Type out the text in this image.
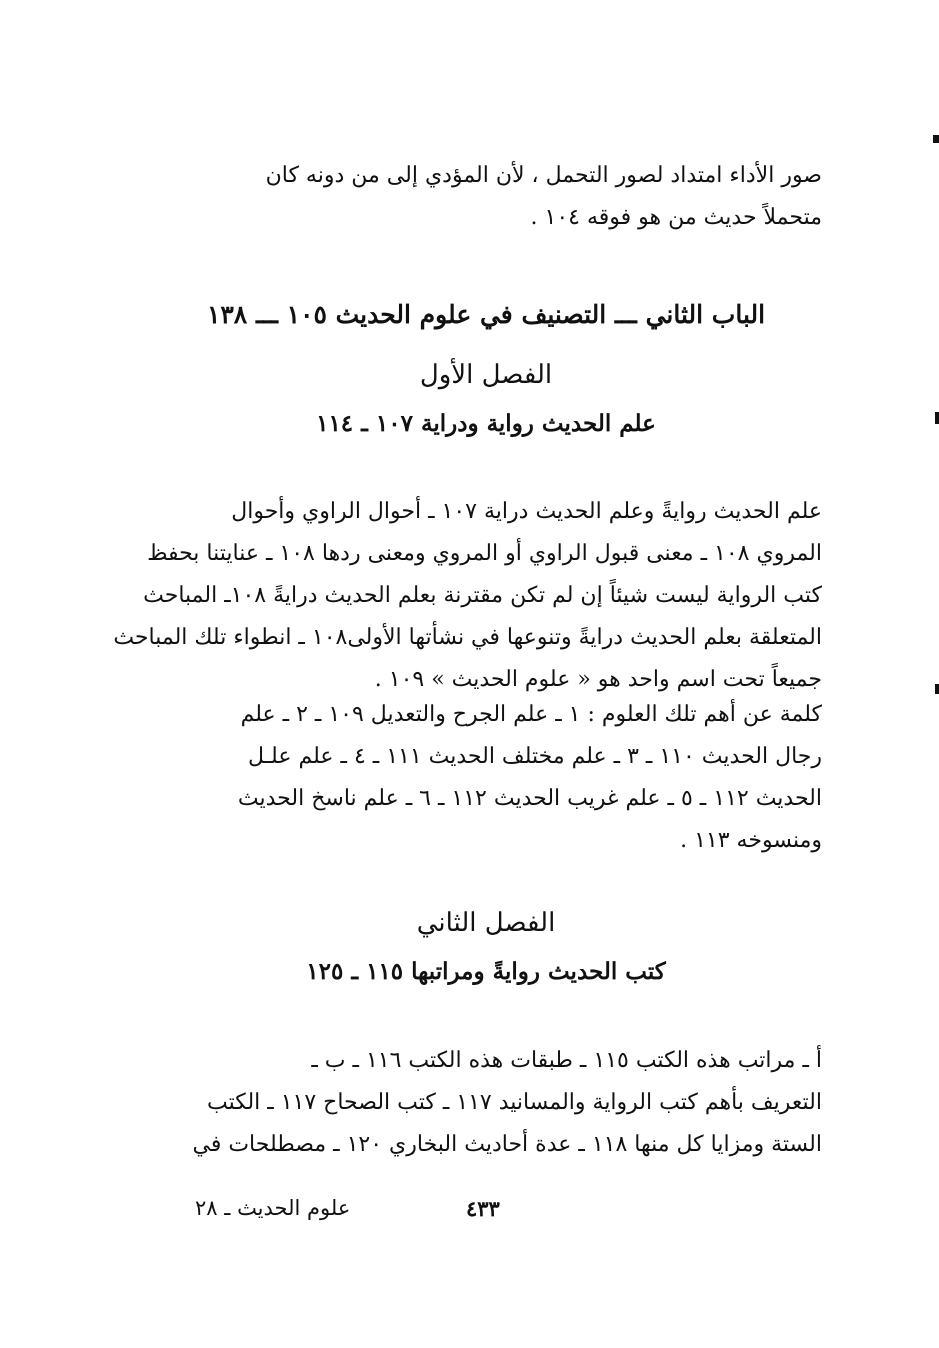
صور الأداء امتداد لصور التحمل ، لأن المؤدي إلى من دونه كان
متحملاً حديث من هو فوقه ١٠٤ .
الباب الثاني ـــ التصنيف في علوم الحديث ١٠٥ ـــ ١٣٨
الفصل الأول
علم الحديث رواية ودراية ١٠٧ ـ ١١٤
علم الحديث روايةً وعلم الحديث دراية ١٠٧ ـ أحوال الراوي وأحوال
المروي ١٠٨ ـ معنى قبول الراوي أو المروي ومعنى ردها ١٠٨ ـ عنايتنا بحفظ
كتب الرواية ليست شيئاً إن لم تكن مقترنة بعلم الحديث درايةً ١٠٨ـ المباحث
المتعلقة بعلم الحديث درايةً وتنوعها في نشأتها الأولى١٠٨ ـ انطواء تلك المباحث
جميعاً تحت اسم واحد هو « علوم الحديث » ١٠٩ .
كلمة عن أهم تلك العلوم : ١ ـ علم الجرح والتعديل ١٠٩ ـ ٢ ـ علم
رجال الحديث ١١٠ ـ ٣ ـ علم مختلف الحديث ١١١ ـ ٤ ـ علم علـل
الحديث ١١٢ ـ ٥ ـ علم غريب الحديث ١١٢ ـ ٦ ـ علم ناسخ الحديث
ومنسوخه ١١٣ .
الفصل الثاني
كتب الحديث روايةً ومراتبها ١١٥ ـ ١٢٥
أ ـ مراتب هذه الكتب ١١٥ ـ طبقات هذه الكتب ١١٦ ـ ب ـ
التعريف بأهم كتب الرواية والمسانيد ١١٧ ـ كتب الصحاح ١١٧ ـ الكتب
الستة ومزايا كل منها ١١٨ ـ عدة أحاديث البخاري ١٢٠ ـ مصطلحات في
علوم الحديث ـ ٢٨	٤٣٣
